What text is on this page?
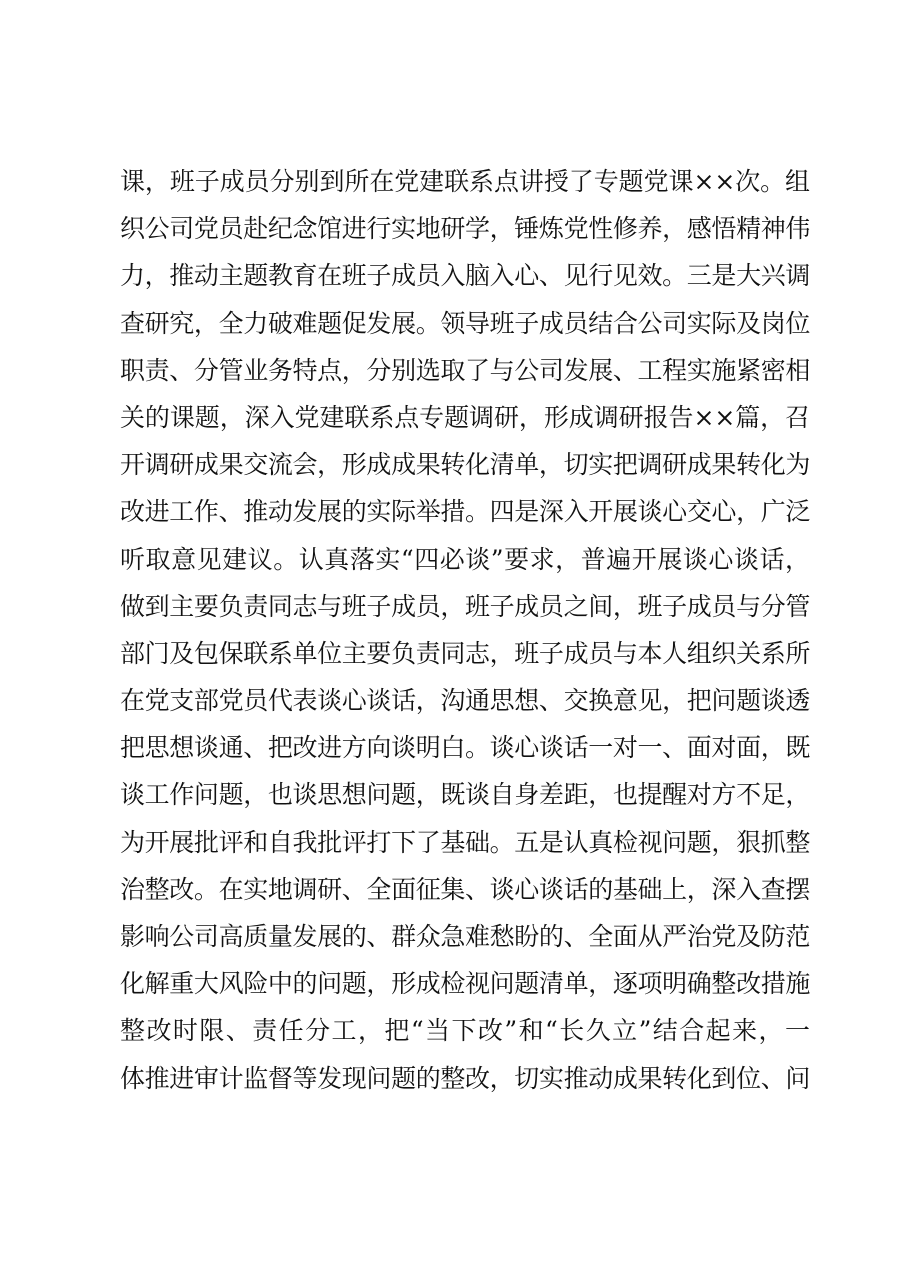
课，班子成员分别到所在党建联系点讲授了专题党课××次。组
织公司党员赴纪念馆进行实地研学，锤炼党性修养，感悟精神伟
力，推动主题教育在班子成员入脑入心、见行见效。三是大兴调
查研究，全力破难题促发展。领导班子成员结合公司实际及岗位
职责、分管业务特点，分别选取了与公司发展、工程实施紧密相
关的课题，深入党建联系点专题调研，形成调研报告××篇，召
开调研成果交流会，形成成果转化清单，切实把调研成果转化为
改进工作、推动发展的实际举措。四是深入开展谈心交心，广泛
听取意见建议。认真落实“四必谈”要求，普遍开展谈心谈话，
做到主要负责同志与班子成员，班子成员之间，班子成员与分管
部门及包保联系单位主要负责同志，班子成员与本人组织关系所
在党支部党员代表谈心谈话，沟通思想、交换意见，把问题谈透
把思想谈通、把改进方向谈明白。谈心谈话一对一、面对面，既
谈工作问题，也谈思想问题，既谈自身差距，也提醒对方不足，
为开展批评和自我批评打下了基础。五是认真检视问题，狠抓整
治整改。在实地调研、全面征集、谈心谈话的基础上，深入查摆
影响公司高质量发展的、群众急难愁盼的、全面从严治党及防范
化解重大风险中的问题，形成检视问题清单，逐项明确整改措施
整改时限、责任分工，把“当下改”和“长久立”结合起来，一
体推进审计监督等发现问题的整改，切实推动成果转化到位、问
